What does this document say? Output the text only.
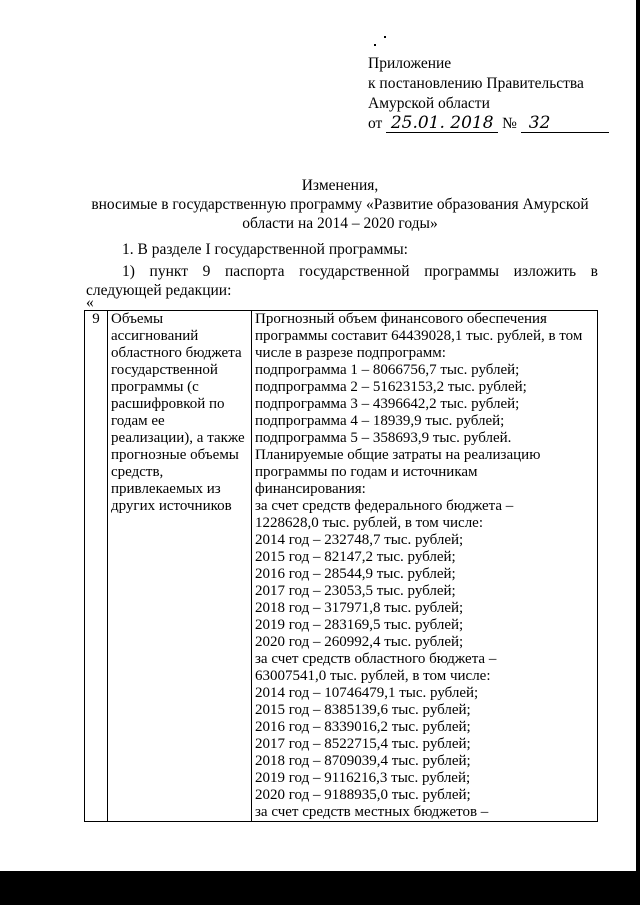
Приложение
к постановлению Правительства
Амурской области
от 25.01. 2018 № 32
Изменения,
вносимые в государственную программу «Развитие образования Амурской
области на 2014 – 2020 годы»
1. В разделе I государственной программы:
1) пункт 9 паспорта государственной программы изложить в следующей редакции:
«
9	Объемы
ассигнований
областного бюджета
государственной
программы (с
расшифровкой по
годам ее
реализации), а также
прогнозные объемы
средств,
привлекаемых из
других источников

Прогнозный объем финансового обеспечения
программы составит 64439028,1 тыс. рублей, в том
числе в разрезе подпрограмм:
подпрограмма 1 – 8066756,7 тыс. рублей;
подпрограмма 2 – 51623153,2 тыс. рублей;
подпрограмма 3 – 4396642,2 тыс. рублей;
подпрограмма 4 – 18939,9 тыс. рублей;
подпрограмма 5 – 358693,9 тыс. рублей.
Планируемые общие затраты на реализацию
программы по годам и источникам
финансирования:
за счет средств федерального бюджета –
1228628,0 тыс. рублей, в том числе:
2014 год – 232748,7 тыс. рублей;
2015 год – 82147,2 тыс. рублей;
2016 год – 28544,9 тыс. рублей;
2017 год – 23053,5 тыс. рублей;
2018 год – 317971,8 тыс. рублей;
2019 год – 283169,5 тыс. рублей;
2020 год – 260992,4 тыс. рублей;
за счет средств областного бюджета –
63007541,0 тыс. рублей, в том числе:
2014 год – 10746479,1 тыс. рублей;
2015 год – 8385139,6 тыс. рублей;
2016 год – 8339016,2 тыс. рублей;
2017 год – 8522715,4 тыс. рублей;
2018 год – 8709039,4 тыс. рублей;
2019 год – 9116216,3 тыс. рублей;
2020 год – 9188935,0 тыс. рублей;
за счет средств местных бюджетов –
